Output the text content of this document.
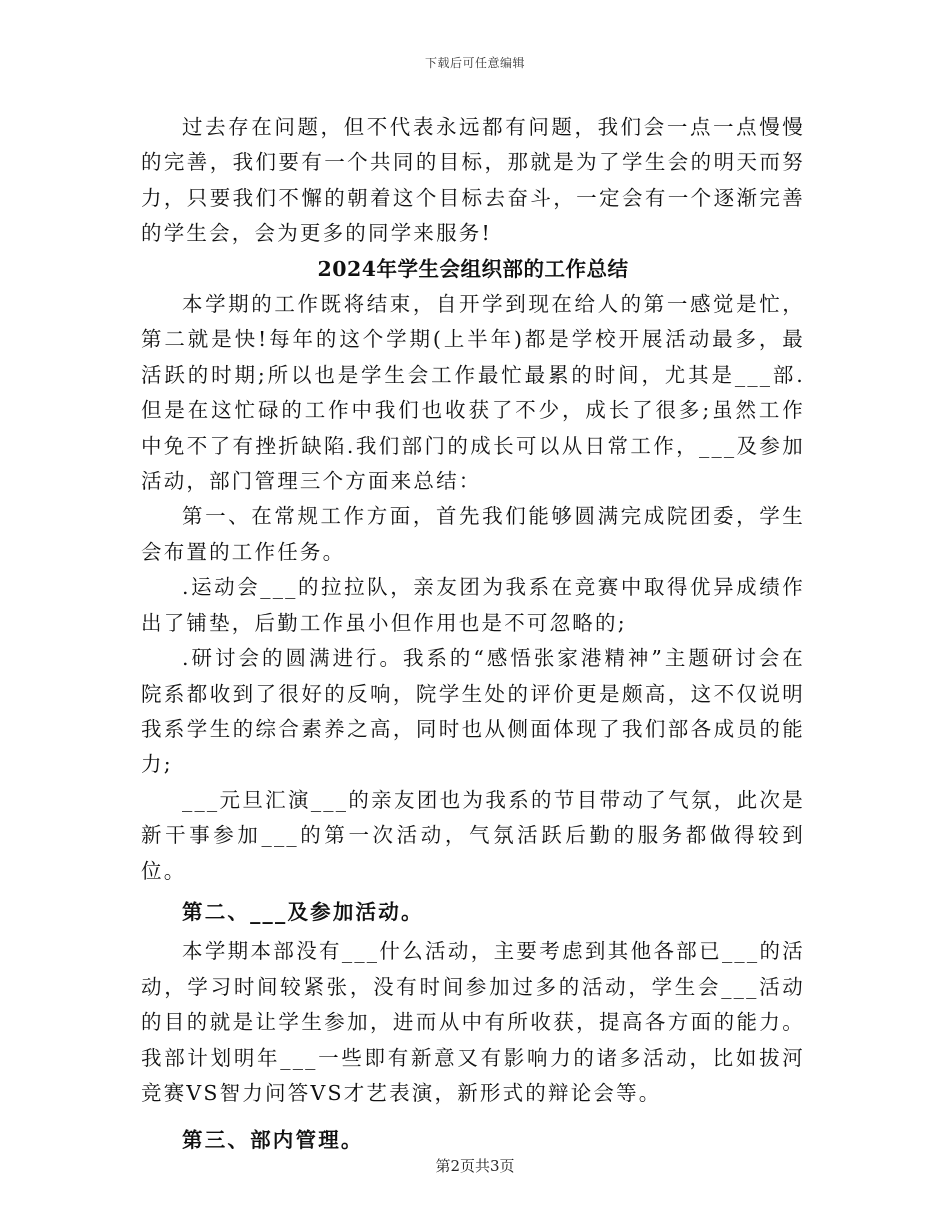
下载后可任意编辑

过去存在问题，但不代表永远都有问题，我们会一点一点慢慢的完善，我们要有一个共同的目标，那就是为了学生会的明天而努力，只要我们不懈的朝着这个目标去奋斗，一定会有一个逐渐完善的学生会，会为更多的同学来服务!

2024年学生会组织部的工作总结

本学期的工作既将结束，自开学到现在给人的第一感觉是忙，第二就是快!每年的这个学期(上半年)都是学校开展活动最多，最活跃的时期;所以也是学生会工作最忙最累的时间，尤其是___部.但是在这忙碌的工作中我们也收获了不少，成长了很多;虽然工作中免不了有挫折缺陷.我们部门的成长可以从日常工作，___及参加活动，部门管理三个方面来总结：

第一、在常规工作方面，首先我们能够圆满完成院团委，学生会布置的工作任务。

.运动会___的拉拉队，亲友团为我系在竞赛中取得优异成绩作出了铺垫，后勤工作虽小但作用也是不可忽略的;

.研讨会的圆满进行。我系的“感悟张家港精神”主题研讨会在院系都收到了很好的反响，院学生处的评价更是颇高，这不仅说明我系学生的综合素养之高，同时也从侧面体现了我们部各成员的能力;

___元旦汇演___的亲友团也为我系的节目带动了气氛，此次是新干事参加___的第一次活动，气氛活跃后勤的服务都做得较到位。

第二、___及参加活动。

本学期本部没有___什么活动，主要考虑到其他各部已___的活动，学习时间较紧张，没有时间参加过多的活动，学生会___活动的目的就是让学生参加，进而从中有所收获，提高各方面的能力。我部计划明年___一些即有新意又有影响力的诸多活动，比如拔河竞赛VS智力问答VS才艺表演，新形式的辩论会等。

第三、部内管理。

第2页共3页
